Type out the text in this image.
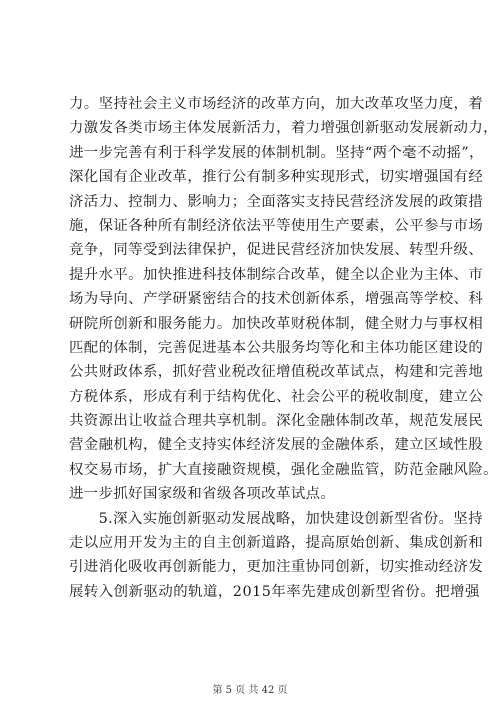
力。坚持社会主义市场经济的改革方向，加大改革攻坚力度，着
力激发各类市场主体发展新活力，着力增强创新驱动发展新动力，
进一步完善有利于科学发展的体制机制。坚持“两个毫不动摇”，
深化国有企业改革，推行公有制多种实现形式，切实增强国有经
济活力、控制力、影响力；全面落实支持民营经济发展的政策措
施，保证各种所有制经济依法平等使用生产要素，公平参与市场
竞争，同等受到法律保护，促进民营经济加快发展、转型升级、
提升水平。加快推进科技体制综合改革，健全以企业为主体、市
场为导向、产学研紧密结合的技术创新体系，增强高等学校、科
研院所创新和服务能力。加快改革财税体制，健全财力与事权相
匹配的体制，完善促进基本公共服务均等化和主体功能区建设的
公共财政体系，抓好营业税改征增值税改革试点，构建和完善地
方税体系，形成有利于结构优化、社会公平的税收制度，建立公
共资源出让收益合理共享机制。深化金融体制改革，规范发展民
营金融机构，健全支持实体经济发展的金融体系，建立区域性股
权交易市场，扩大直接融资规模，强化金融监管，防范金融风险。
进一步抓好国家级和省级各项改革试点。
　　5.深入实施创新驱动发展战略，加快建设创新型省份。坚持
走以应用开发为主的自主创新道路，提高原始创新、集成创新和
引进消化吸收再创新能力，更加注重协同创新，切实推动经济发
展转入创新驱动的轨道，2015年率先建成创新型省份。把增强
第 5 页 共 42 页
